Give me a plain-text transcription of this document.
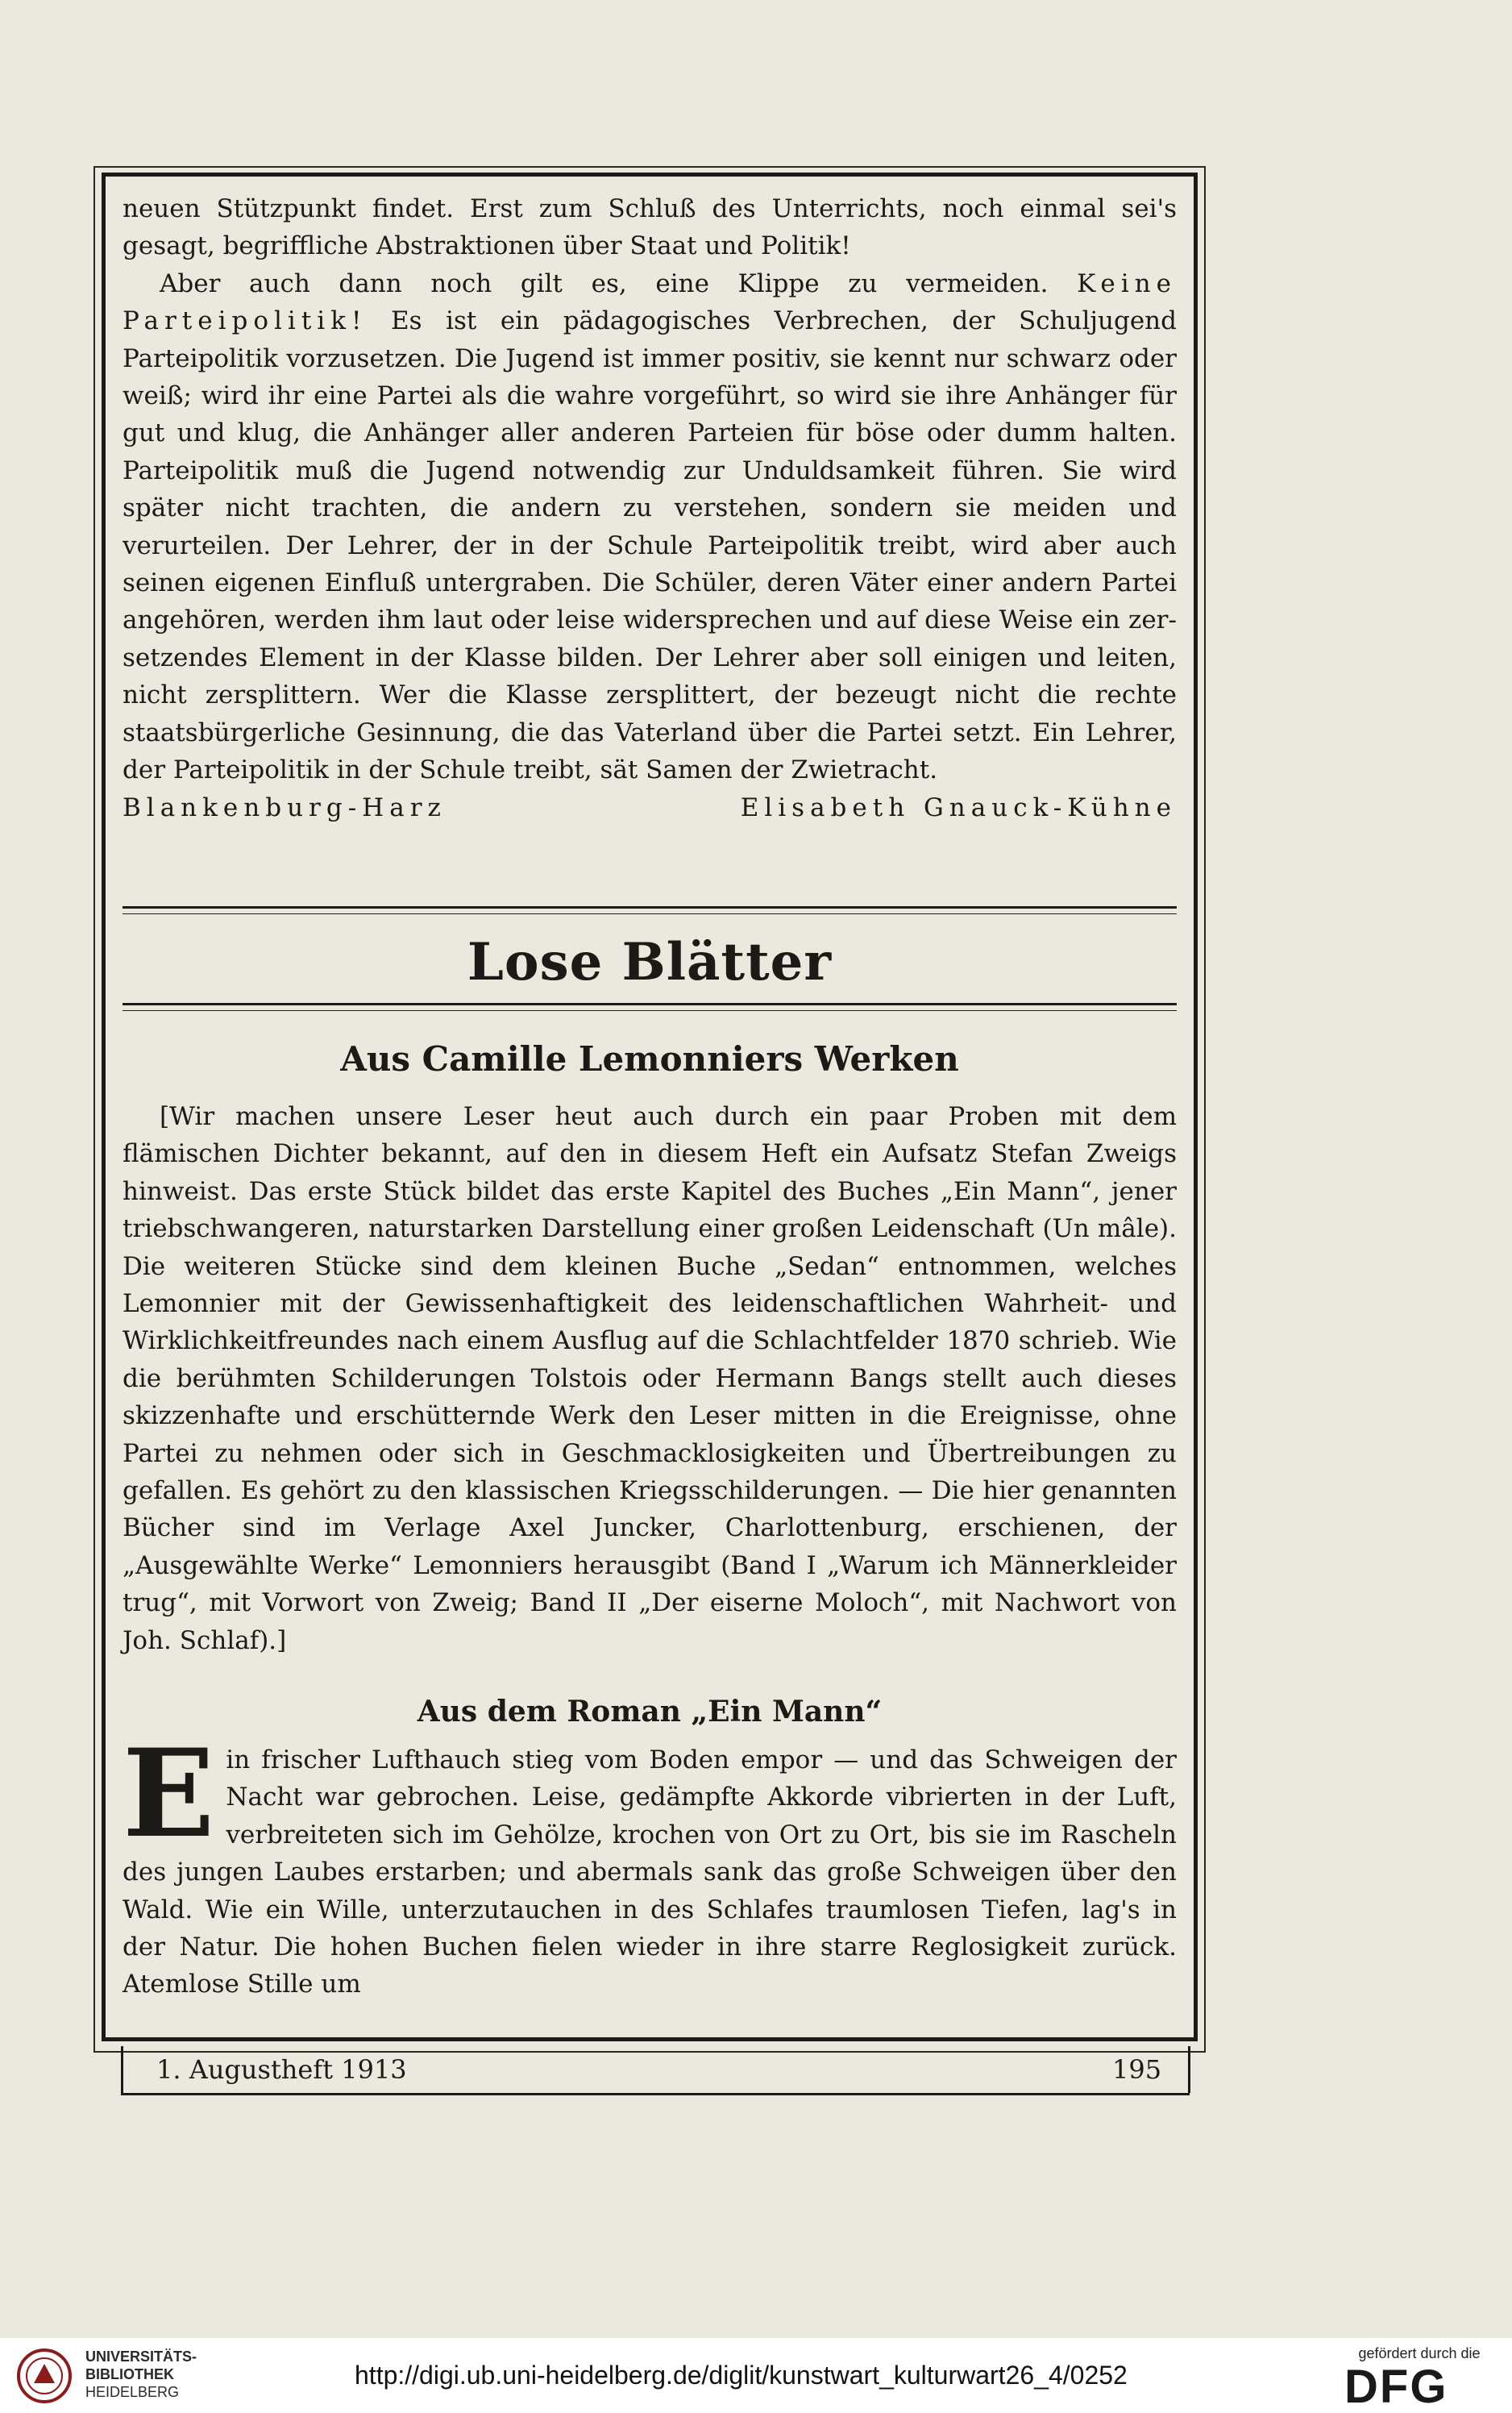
neuen Stützpunkt findet. Erst zum Schluß des Unterrichts, noch einmal sei's gesagt, begriffliche Abstraktionen über Staat und Politik!

Aber auch dann noch gilt es, eine Klippe zu vermeiden. Keine Parteipolitik! Es ist ein pädagogisches Verbrechen, der Schuljugend Parteipolitik vorzusetzen. Die Jugend ist immer positiv, sie kennt nur schwarz oder weiß; wird ihr eine Partei als die wahre vorgeführt, so wird sie ihre Anhänger für gut und klug, die Anhänger aller anderen Parteien für böse oder dumm halten. Parteipolitik muß die Jugend notwendig zur Unduldsamkeit führen. Sie wird später nicht trachten, die andern zu verstehen, sondern sie meiden und verurteilen. Der Lehrer, der in der Schule Parteipolitik treibt, wird aber auch seinen eigenen Einfluß untergraben. Die Schüler, deren Väter einer andern Partei angehören, werden ihm laut oder leise widersprechen und auf diese Weise ein zersetzendes Element in der Klasse bilden. Der Lehrer aber soll einigen und leiten, nicht zersplittern. Wer die Klasse zersplittert, der bezeugt nicht die rechte staatsbürgerliche Gesinnung, die das Vaterland über die Partei setzt. Ein Lehrer, der Parteipolitik in der Schule treibt, sät Samen der Zwietracht.

Blankenburg-Harz	Elisabeth Gnauck-Kühne
Lose Blätter
Aus Camille Lemonniers Werken

[Wir machen unsere Leser heut auch durch ein paar Proben mit dem flämischen Dichter bekannt, auf den in diesem Heft ein Aufsatz Stefan Zweigs hinweist. Das erste Stück bildet das erste Kapitel des Buches „Ein Mann“, jener triebschwangeren, naturstarken Darstellung einer großen Leidenschaft (Un mâle). Die weiteren Stücke sind dem kleinen Buche „Sedan“ entnommen, welches Lemonnier mit der Gewissenhaftigkeit des leidenschaftlichen Wahrheit- und Wirklichkeitfreundes nach einem Ausflug auf die Schlachtfelder 1870 schrieb. Wie die berühmten Schilderungen Tolstois oder Hermann Bangs stellt auch dieses skizzenhafte und erschütternde Werk den Leser mitten in die Ereignisse, ohne Partei zu nehmen oder sich in Geschmacklosigkeiten und Übertreibungen zu gefallen. Es gehört zu den klassischen Kriegsschilderungen. — Die hier genannten Bücher sind im Verlage Axel Juncker, Charlottenburg, erschienen, der „Ausgewählte Werke“ Lemonniers herausgibt (Band I „Warum ich Männerkleider trug“, mit Vorwort von Zweig; Band II „Der eiserne Moloch“, mit Nachwort von Joh. Schlaf).]

Aus dem Roman „Ein Mann“

Ein frischer Lufthauch stieg vom Boden empor — und das Schweigen der Nacht war gebrochen. Leise, gedämpfte Akkorde vibrierten in der Luft, verbreiteten sich im Gehölze, krochen von Ort zu Ort, bis sie im Rascheln des jungen Laubes erstarben; und abermals sank das große Schweigen über den Wald. Wie ein Wille, unterzutauchen in des Schlafes traumlosen Tiefen, lag's in der Natur. Die hohen Buchen fielen wieder in ihre starre Reglosigkeit zurück. Atemlose Stille um

1. Augustheft 1913	195
UNIVERSITÄTS-
BIBLIOTHEK
HEIDELBERG
http://digi.ub.uni-heidelberg.de/diglit/kunstwart_kulturwart26_4/0252
gefördert durch die
DFG
